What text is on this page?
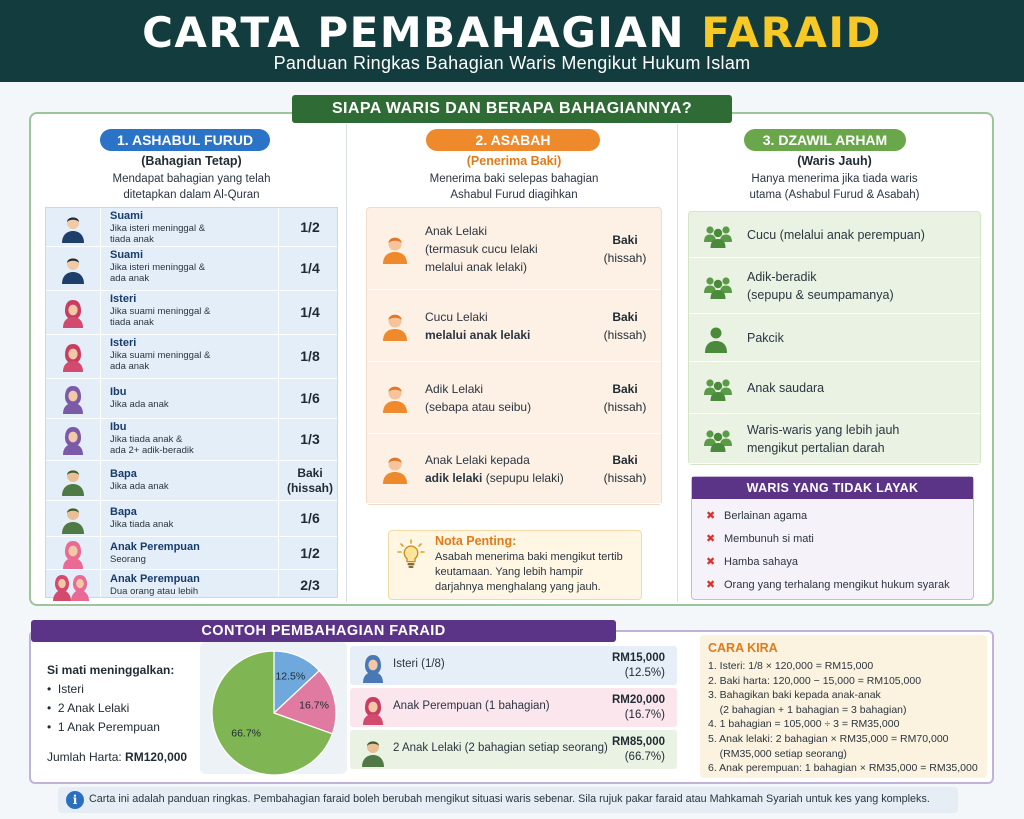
CARTA PEMBAHAGIAN FARAID
Panduan Ringkas Bahagian Waris Mengikut Hukum Islam
SIAPA WARIS DAN BERAPA BAHAGIANNYA?
1. ASHABUL FURUD
(Bahagian Tetap)
Mendapat bahagian yang telah
ditetapkan dalam Al-Quran
Suami
Jika isteri meninggal &
tiada anak
1/2
Suami
Jika isteri meninggal &
ada anak
1/4
Isteri
Jika suami meninggal &
tiada anak
1/4
Isteri
Jika suami meninggal &
ada anak
1/8
Ibu
Jika ada anak	1/6
Ibu
Jika tiada anak &
ada 2+ adik-beradik
1/3
Bapa
Jika ada anak
Baki
(hissah)
Bapa
Jika tiada anak	1/6
Anak Perempuan
Seorang	1/2
Anak Perempuan
Dua orang atau lebih	2/3
2. ASABAH
(Penerima Baki)
Menerima baki selepas bahagian
Ashabul Furud diagihkan
Anak Lelaki
(termasuk cucu lelaki
melalui anak lelaki)
Baki
(hissah)
Cucu Lelaki
melalui anak lelaki
Baki
(hissah)
Adik Lelaki
(sebapa atau seibu)
Baki
(hissah)
Anak Lelaki kepada
adik lelaki (sepupu lelaki)
Baki
(hissah)
Nota Penting:
Asabah menerima baki mengikut tertib
keutamaan. Yang lebih hampir
darjahnya menghalang yang jauh.
3. DZAWIL ARHAM
(Waris Jauh)
Hanya menerima jika tiada waris
utama (Ashabul Furud & Asabah)
Cucu (melalui anak perempuan)
Adik-beradik
(sepupu & seumpamanya)
Pakcik
Anak saudara
Waris-waris yang lebih jauh
mengikut pertalian darah
WARIS YANG TIDAK LAYAK
✖ Berlainan agama
✖ Membunuh si mati
✖ Hamba sahaya
✖ Orang yang terhalang mengikut hukum syarak
CONTOH PEMBAHAGIAN FARAID
Si mati meninggalkan:
•  Isteri
•  2 Anak Lelaki
•  1 Anak Perempuan
Jumlah Harta: RM120,000
12.5%
16.7%
66.7%
Isteri (1/8)	RM15,000
(12.5%)
Anak Perempuan (1 bahagian)	RM20,000
(16.7%)
2 Anak Lelaki (2 bahagian setiap seorang) RM85,000
(66.7%)
CARA KIRA
1. Isteri: 1/8 × 120,000 = RM15,000
2. Baki harta: 120,000 − 15,000 = RM105,000
3. Bahagikan baki kepada anak-anak
(2 bahagian + 1 bahagian = 3 bahagian)
4. 1 bahagian = 105,000 ÷ 3 = RM35,000
5. Anak lelaki: 2 bahagian × RM35,000 = RM70,000
(RM35,000 setiap seorang)
6. Anak perempuan: 1 bahagian × RM35,000 = RM35,000
i	Carta ini adalah panduan ringkas. Pembahagian faraid boleh berubah mengikut situasi waris sebenar. Sila rujuk pakar faraid atau Mahkamah Syariah untuk kes yang kompleks.
